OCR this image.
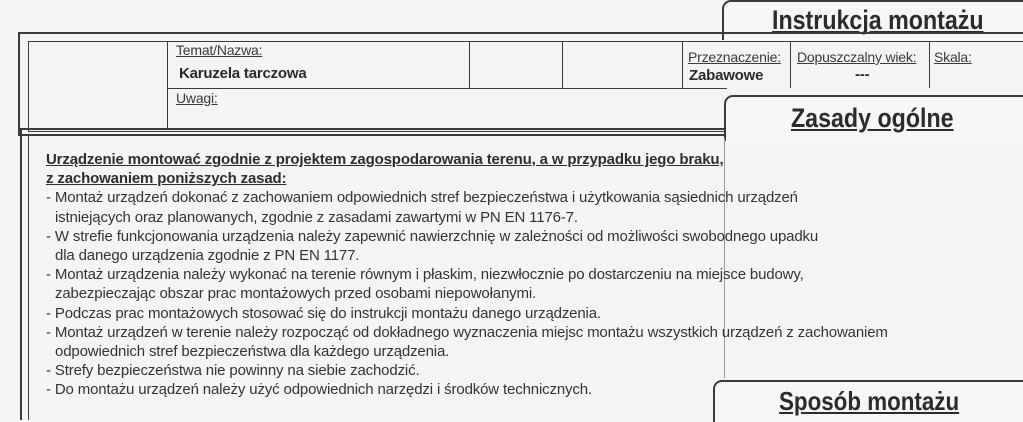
Instrukcja montażu
Temat/Nazwa:
Karuzela tarczowa
Przeznaczenie:
Zabawowe
Dopuszczalny wiek:
---
Skala:
Uwagi:
Zasady ogólne
Urządzenie montować zgodnie z projektem zagospodarowania terenu, a w przypadku jego braku,
z zachowaniem poniższych zasad:
- Montaż urządzeń dokonać z zachowaniem odpowiednich stref bezpieczeństwa i użytkowania sąsiednich urządzeń
istniejących oraz planowanych, zgodnie z zasadami zawartymi w PN EN 1176-7.
- W strefie funkcjonowania urządzenia należy zapewnić nawierzchnię w zależności od możliwości swobodnego upadku
dla danego urządzenia zgodnie z PN EN 1177.
- Montaż urządzenia należy wykonać na terenie równym i płaskim, niezwłocznie po dostarczeniu na miejsce budowy,
zabezpieczając obszar prac montażowych przed osobami niepowołanymi.
- Podczas prac montażowych stosować się do instrukcji montażu danego urządzenia.
- Montaż urządzeń w terenie należy rozpocząć od dokładnego wyznaczenia miejsc montażu wszystkich urządzeń z zachowaniem
odpowiednich stref bezpieczeństwa dla każdego urządzenia.
- Strefy bezpieczeństwa nie powinny na siebie zachodzić.
- Do montażu urządzeń należy użyć odpowiednich narzędzi i środków technicznych.	Sposób montażu
